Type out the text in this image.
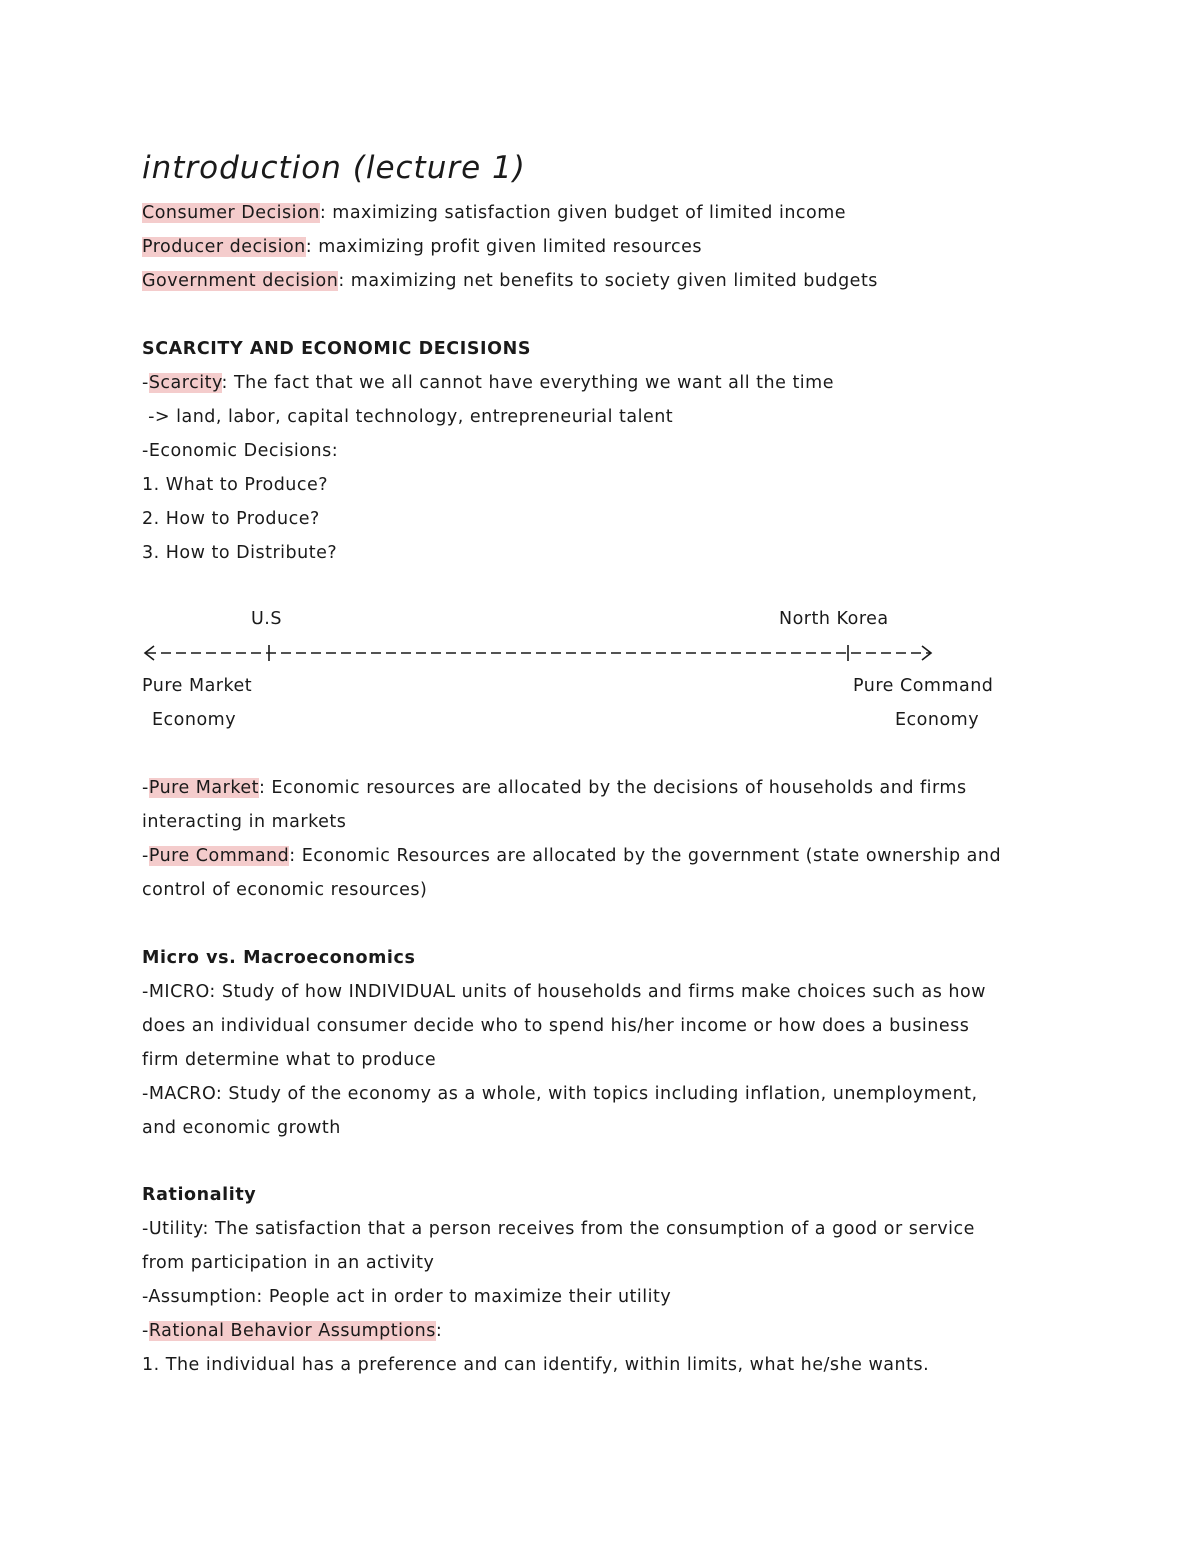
introduction (lecture 1)
Consumer Decision: maximizing satisfaction given budget of limited income
Producer decision: maximizing profit given limited resources
Government decision: maximizing net benefits to society given limited budgets
SCARCITY AND ECONOMIC DECISIONS
-Scarcity: The fact that we all cannot have everything we want all the time
-> land, labor, capital technology, entrepreneurial talent
-Economic Decisions:
1. What to Produce?
2. How to Produce?
3. How to Distribute?
U.S	North Korea
Pure Market
Economy
Pure Command
Economy
-Pure Market: Economic resources are allocated by the decisions of households and firms
interacting in markets
-Pure Command: Economic Resources are allocated by the government (state ownership and
control of economic resources)
Micro vs. Macroeconomics
-MICRO: Study of how INDIVIDUAL units of households and firms make choices such as how
does an individual consumer decide who to spend his/her income or how does a business
firm determine what to produce
-MACRO: Study of the economy as a whole, with topics including inflation, unemployment,
and economic growth
Rationality
-Utility: The satisfaction that a person receives from the consumption of a good or service
from participation in an activity
-Assumption: People act in order to maximize their utility
-Rational Behavior Assumptions:
1. The individual has a preference and can identify, within limits, what he/she wants.
